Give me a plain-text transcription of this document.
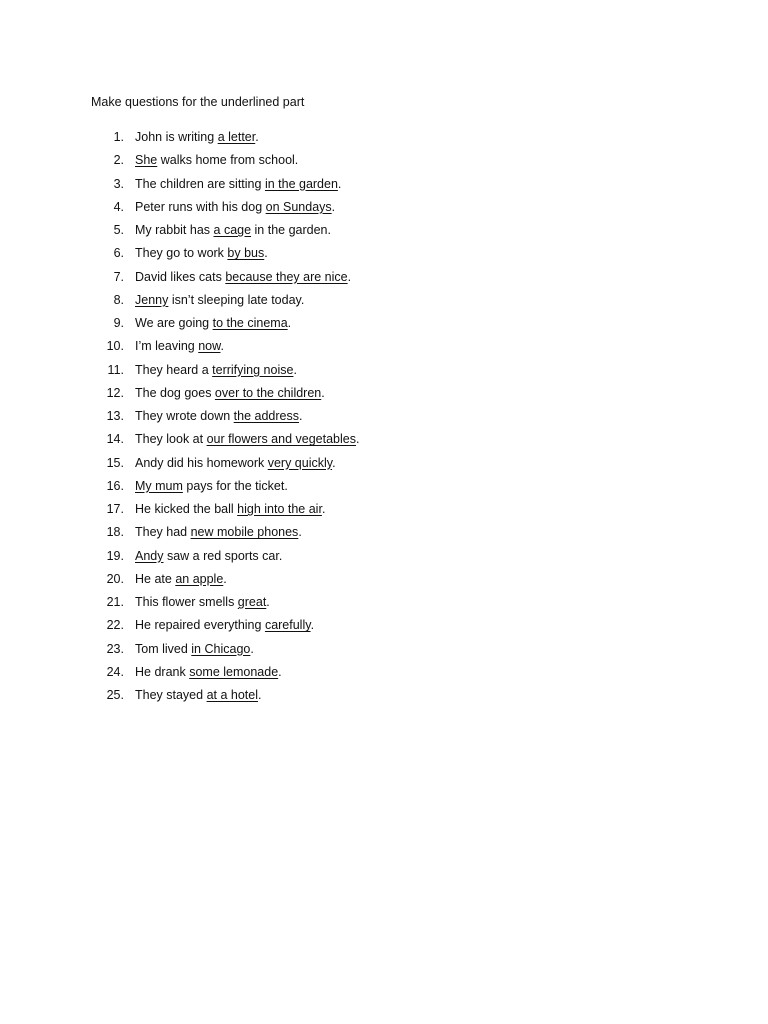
Make questions for the underlined part
1. John is writing a letter.
2. She walks home from school.
3. The children are sitting in the garden.
4. Peter runs with his dog on Sundays.
5. My rabbit has a cage in the garden.
6. They go to work by bus.
7. David likes cats because they are nice.
8. Jenny isn’t sleeping late today.
9. We are going to the cinema.
10. I’m leaving now.
11. They heard a terrifying noise.
12. The dog goes over to the children.
13. They wrote down the address.
14. They look at our flowers and vegetables.
15. Andy did his homework very quickly.
16. My mum pays for the ticket.
17. He kicked the ball high into the air.
18. They had new mobile phones.
19. Andy saw a red sports car.
20. He ate an apple.
21. This flower smells great.
22. He repaired everything carefully.
23. Tom lived in Chicago.
24. He drank some lemonade.
25. They stayed at a hotel.
